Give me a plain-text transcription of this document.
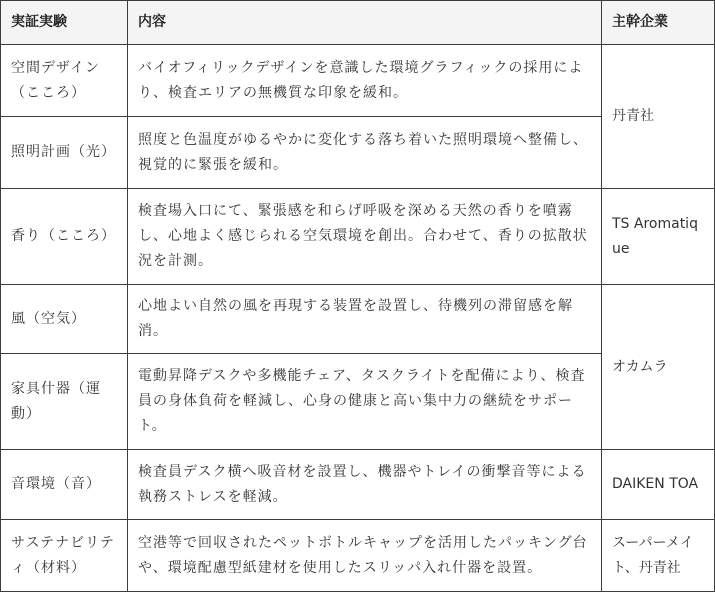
実証実験	内容	主幹企業
空間デザイン（こころ）	バイオフィリックデザインを意識した環境グラフィックの採用により、検査エリアの無機質な印象を緩和。	丹青社
照明計画（光）	照度と色温度がゆるやかに変化する落ち着いた照明環境へ整備し、視覚的に緊張を緩和。	
香り（こころ）	検査場入口にて、緊張感を和らげ呼吸を深める天然の香りを噴霧し、心地よく感じられる空気環境を創出。合わせて、香りの拡散状況を計測。	TS Aromatique
風（空気）	心地よい自然の風を再現する装置を設置し、待機列の滞留感を解消。	オカムラ
家具什器（運動）	電動昇降デスクや多機能チェア、タスクライトを配備により、検査員の身体負荷を軽減し、心身の健康と高い集中力の継続をサポート。	
音環境（音）	検査員デスク横へ吸音材を設置し、機器やトレイの衝撃音等による執務ストレスを軽減。	DAIKEN TOA
サステナビリティ（材料）	空港等で回収されたペットボトルキャップを活用したパッキング台や、環境配慮型紙建材を使用したスリッパ入れ什器を設置。	スーパーメイト、丹青社
